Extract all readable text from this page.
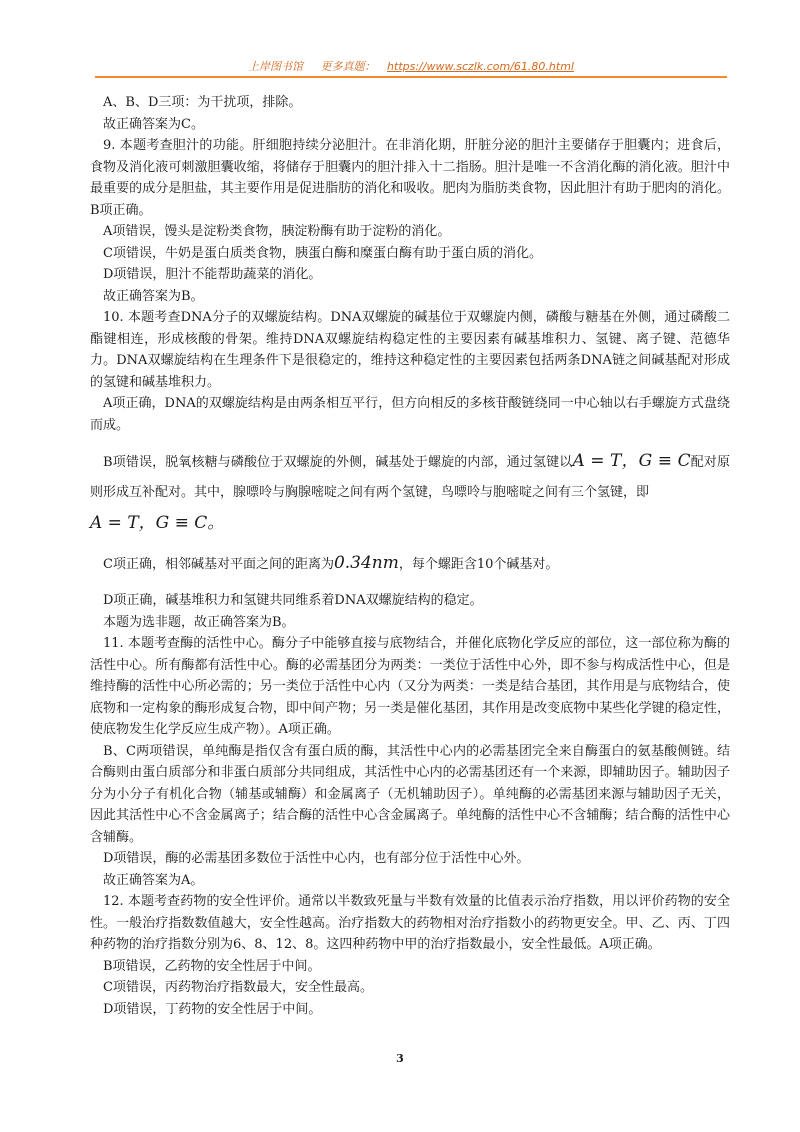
上岸图书馆 更多真题： https://www.sczlk.com/61.80.html

A、B、D三项：为干扰项，排除。

故正确答案为C。

9. 本题考查胆汁的功能。肝细胞持续分泌胆汁。在非消化期，肝脏分泌的胆汁主要储存于胆囊内；进食后，食物及消化液可刺激胆囊收缩，将储存于胆囊内的胆汁排入十二指肠。胆汁是唯一不含消化酶的消化液。胆汁中最重要的成分是胆盐，其主要作用是促进脂肪的消化和吸收。肥肉为脂肪类食物，因此胆汁有助于肥肉的消化。B项正确。

A项错误，馒头是淀粉类食物，胰淀粉酶有助于淀粉的消化。

C项错误，牛奶是蛋白质类食物，胰蛋白酶和糜蛋白酶有助于蛋白质的消化。

D项错误，胆汁不能帮助蔬菜的消化。

故正确答案为B。

10. 本题考查DNA分子的双螺旋结构。DNA双螺旋的碱基位于双螺旋内侧，磷酸与糖基在外侧，通过磷酸二酯键相连，形成核酸的骨架。维持DNA双螺旋结构稳定性的主要因素有碱基堆积力、氢键、离子键、范德华力。DNA双螺旋结构在生理条件下是很稳定的，维持这种稳定性的主要因素包括两条DNA链之间碱基配对形成的氢键和碱基堆积力。

A项正确，DNA的双螺旋结构是由两条相互平行，但方向相反的多核苷酸链绕同一中心轴以右手螺旋方式盘绕而成。

B项错误，脱氧核糖与磷酸位于双螺旋的外侧，碱基处于螺旋的内部，通过氢键以A = T，G ≡ C配对原则形成互补配对。其中，腺嘌呤与胸腺嘧啶之间有两个氢键，鸟嘌呤与胞嘧啶之间有三个氢键，即
A = T，G ≡ C。

C项正确，相邻碱基对平面之间的距离为0.34nm，每个螺距含10个碱基对。

D项正确，碱基堆积力和氢键共同维系着DNA双螺旋结构的稳定。

本题为选非题，故正确答案为B。

11. 本题考查酶的活性中心。酶分子中能够直接与底物结合，并催化底物化学反应的部位，这一部位称为酶的活性中心。所有酶都有活性中心。酶的必需基团分为两类：一类位于活性中心外，即不参与构成活性中心，但是维持酶的活性中心所必需的；另一类位于活性中心内（又分为两类：一类是结合基团，其作用是与底物结合，使底物和一定构象的酶形成复合物，即中间产物；另一类是催化基团，其作用是改变底物中某些化学键的稳定性，使底物发生化学反应生成产物）。A项正确。

B、C两项错误，单纯酶是指仅含有蛋白质的酶，其活性中心内的必需基团完全来自酶蛋白的氨基酸侧链。结合酶则由蛋白质部分和非蛋白质部分共同组成，其活性中心内的必需基团还有一个来源，即辅助因子。辅助因子分为小分子有机化合物（辅基或辅酶）和金属离子（无机辅助因子）。单纯酶的必需基团来源与辅助因子无关，因此其活性中心不含金属离子；结合酶的活性中心含金属离子。单纯酶的活性中心不含辅酶；结合酶的活性中心含辅酶。

D项错误，酶的必需基团多数位于活性中心内，也有部分位于活性中心外。

故正确答案为A。

12. 本题考查药物的安全性评价。通常以半数致死量与半数有效量的比值表示治疗指数，用以评价药物的安全性。一般治疗指数数值越大，安全性越高。治疗指数大的药物相对治疗指数小的药物更安全。甲、乙、丙、丁四种药物的治疗指数分别为6、8、12、8。这四种药物中甲的治疗指数最小，安全性最低。A项正确。

B项错误，乙药物的安全性居于中间。

C项错误，丙药物治疗指数最大，安全性最高。

D项错误，丁药物的安全性居于中间。

3
